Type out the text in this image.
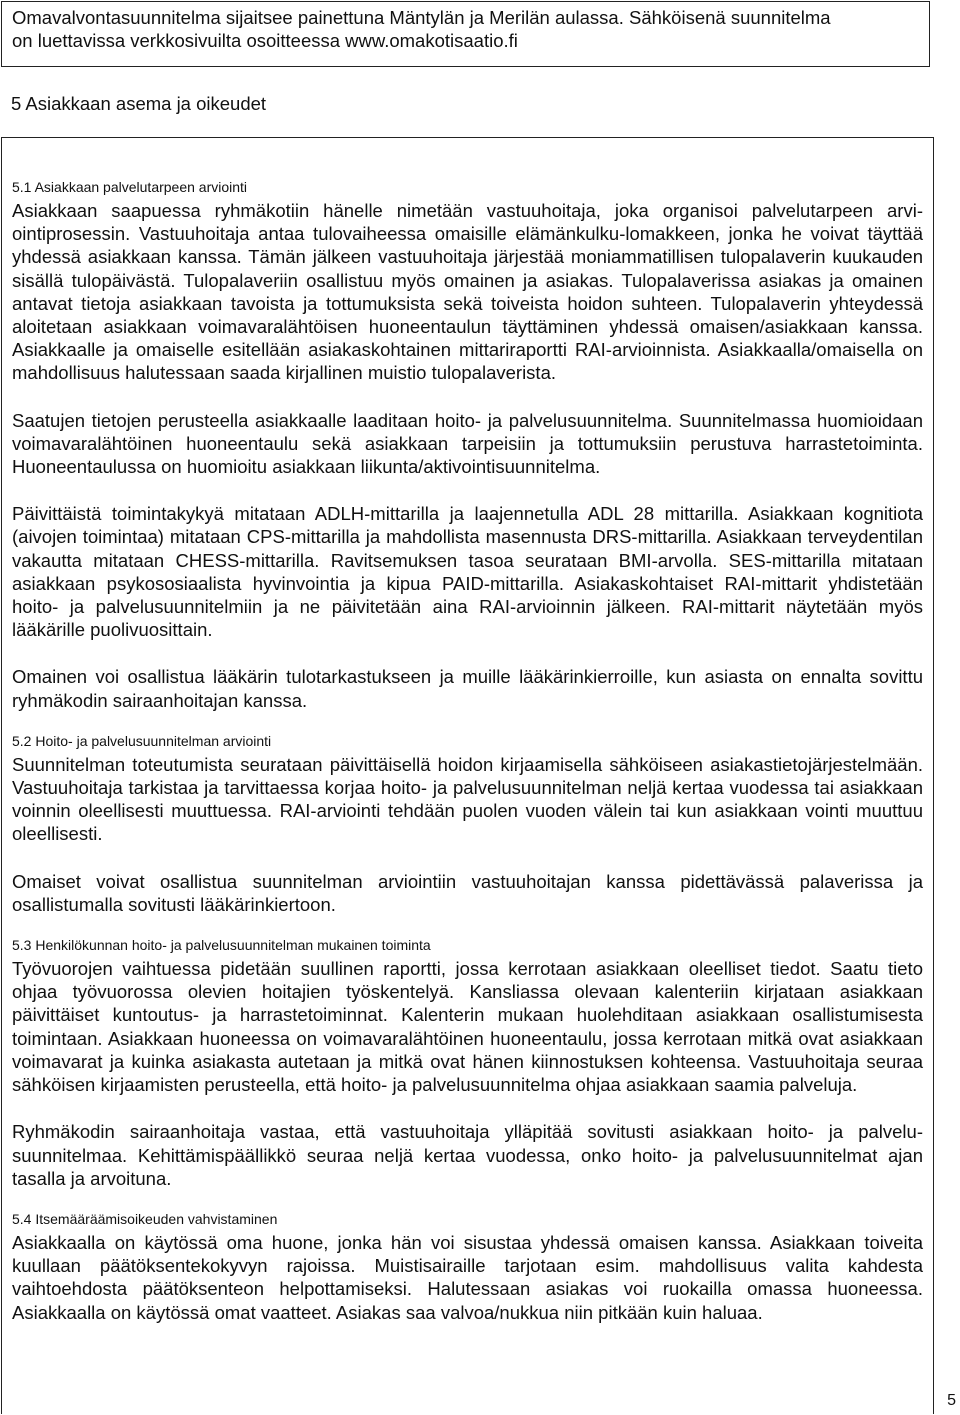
Omavalvontasuunnitelma sijaitsee painettuna Mäntylän ja Merilän aulassa. Sähköisenä suunnitelma
on luettavissa verkkosivuilta osoitteessa www.omakotisaatio.fi
5 Asiakkaan asema ja oikeudet
5.1 Asiakkaan palvelutarpeen arviointi

Asiakkaan saapuessa ryhmäkotiin hänelle nimetään vastuuhoitaja, joka organisoi palvelutarpeen arviointiprosessin. Vastuuhoitaja antaa tulovaiheessa omaisille elämänkulku-lomakkeen, jonka he voivat täyttää yhdessä asiakkaan kanssa. Tämän jälkeen vastuuhoitaja järjestää moniammatillisen tulopalaverin kuukauden sisällä tulopäivästä. Tulopalaveriin osallistuu myös omainen ja asiakas. Tulopalaverissa asiakas ja omainen antavat tietoja asiakkaan tavoista ja tottumuksista sekä toiveista hoidon suhteen. Tulopalaverin yhteydessä aloitetaan asiakkaan voimavaralähtöisen huoneentaulun täyttäminen yhdessä omaisen/asiakkaan kanssa. Asiakkaalle ja omaiselle esitellään asiakaskohtainen mittariraportti RAI-arvioinnista. Asiakkaalla/omaisella on mahdollisuus halutessaan saada kirjallinen muistio tulopalaverista.

Saatujen tietojen perusteella asiakkaalle laaditaan hoito- ja palvelusuunnitelma. Suunnitelmassa huomioidaan voimavaralähtöinen huoneentaulu sekä asiakkaan tarpeisiin ja tottumuksiin perustuva harrastetoiminta. Huoneentaulussa on huomioitu asiakkaan liikunta/aktivointisuunnitelma.

Päivittäistä toimintakykyä mitataan ADLH-mittarilla ja laajennetulla ADL 28 mittarilla. Asiakkaan kognitiota (aivojen toimintaa) mitataan CPS-mittarilla ja mahdollista masennusta DRS-mittarilla. Asiakkaan terveydentilan vakautta mitataan CHESS-mittarilla. Ravitsemuksen tasoa seurataan BMI-arvolla. SES-mittarilla mitataan asiakkaan psykososiaalista hyvinvointia ja kipua PAID-mittarilla. Asiakaskohtaiset RAI-mittarit yhdistetään hoito- ja palvelusuunnitelmiin ja ne päivitetään aina RAI-arvioinnin jälkeen. RAI-mittarit näytetään myös lääkärille puolivuosittain.

Omainen voi osallistua lääkärin tulotarkastukseen ja muille lääkärinkierroille, kun asiasta on ennalta sovittu ryhmäkodin sairaanhoitajan kanssa.

5.2 Hoito- ja palvelusuunnitelman arviointi

Suunnitelman toteutumista seurataan päivittäisellä hoidon kirjaamisella sähköiseen asiakastietojärjestelmään. Vastuuhoitaja tarkistaa ja tarvittaessa korjaa hoito- ja palvelusuunnitelman neljä kertaa vuodessa tai asiakkaan voinnin oleellisesti muuttuessa. RAI-arviointi tehdään puolen vuoden välein tai kun asiakkaan vointi muuttuu oleellisesti.

Omaiset voivat osallistua suunnitelman arviointiin vastuuhoitajan kanssa pidettävässä palaverissa ja osallistumalla sovitusti lääkärinkiertoon.

5.3 Henkilökunnan hoito- ja palvelusuunnitelman mukainen toiminta

Työvuorojen vaihtuessa pidetään suullinen raportti, jossa kerrotaan asiakkaan oleelliset tiedot. Saatu tieto ohjaa työvuorossa olevien hoitajien työskentelyä. Kansliassa olevaan kalenteriin kirjataan asiakkaan päivittäiset kuntoutus- ja harrastetoiminnat. Kalenterin mukaan huolehditaan asiakkaan osallistumisesta toimintaan. Asiakkaan huoneessa on voimavaralähtöinen huoneentaulu, jossa kerrotaan mitkä ovat asiakkaan voimavarat ja kuinka asiakasta autetaan ja mitkä ovat hänen kiinnostuksen kohteensa. Vastuuhoitaja seuraa sähköisen kirjaamisten perusteella, että hoito- ja palvelusuunnitelma ohjaa asiakkaan saamia palveluja.

Ryhmäkodin sairaanhoitaja vastaa, että vastuuhoitaja ylläpitää sovitusti asiakkaan hoito- ja palvelusuunnitelmaa. Kehittämispäällikkö seuraa neljä kertaa vuodessa, onko hoito- ja palvelusuunnitelmat ajan tasalla ja arvoitunа.

5.4 Itsemääräämisoikeuden vahvistaminen

Asiakkaalla on käytössä oma huone, jonka hän voi sisustaa yhdessä omaisen kanssa. Asiakkaan toiveita kuullaan päätöksentekokyvyn rajoissa. Muistisairaille tarjotaan esim. mahdollisuus valita kahdesta vaihtoehdosta päätöksenteon helpottamiseksi. Halutessaan asiakas voi ruokailla omassa huoneessa. Asiakkaalla on käytössä omat vaatteet. Asiakas saa valvoa/nukkua niin pitkään kuin haluaa.

5
